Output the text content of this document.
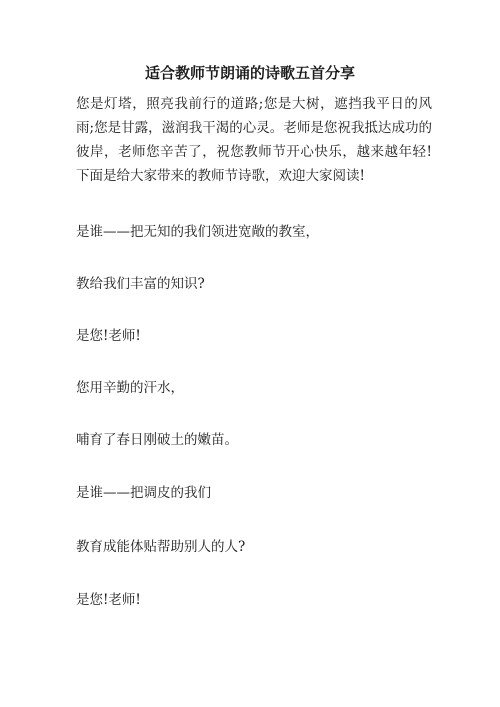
适合教师节朗诵的诗歌五首分享

您是灯塔，照亮我前行的道路;您是大树，遮挡我平日的风雨;您是甘露，滋润我干渴的心灵。老师是您祝我抵达成功的彼岸，老师您辛苦了，祝您教师节开心快乐，越来越年轻!下面是给大家带来的教师节诗歌，欢迎大家阅读!

是谁——把无知的我们领进宽敞的教室，

教给我们丰富的知识?

是您!老师!

您用辛勤的汗水，

哺育了春日刚破土的嫩苗。

是谁——把调皮的我们

教育成能体贴帮助别人的人?

是您!老师!
